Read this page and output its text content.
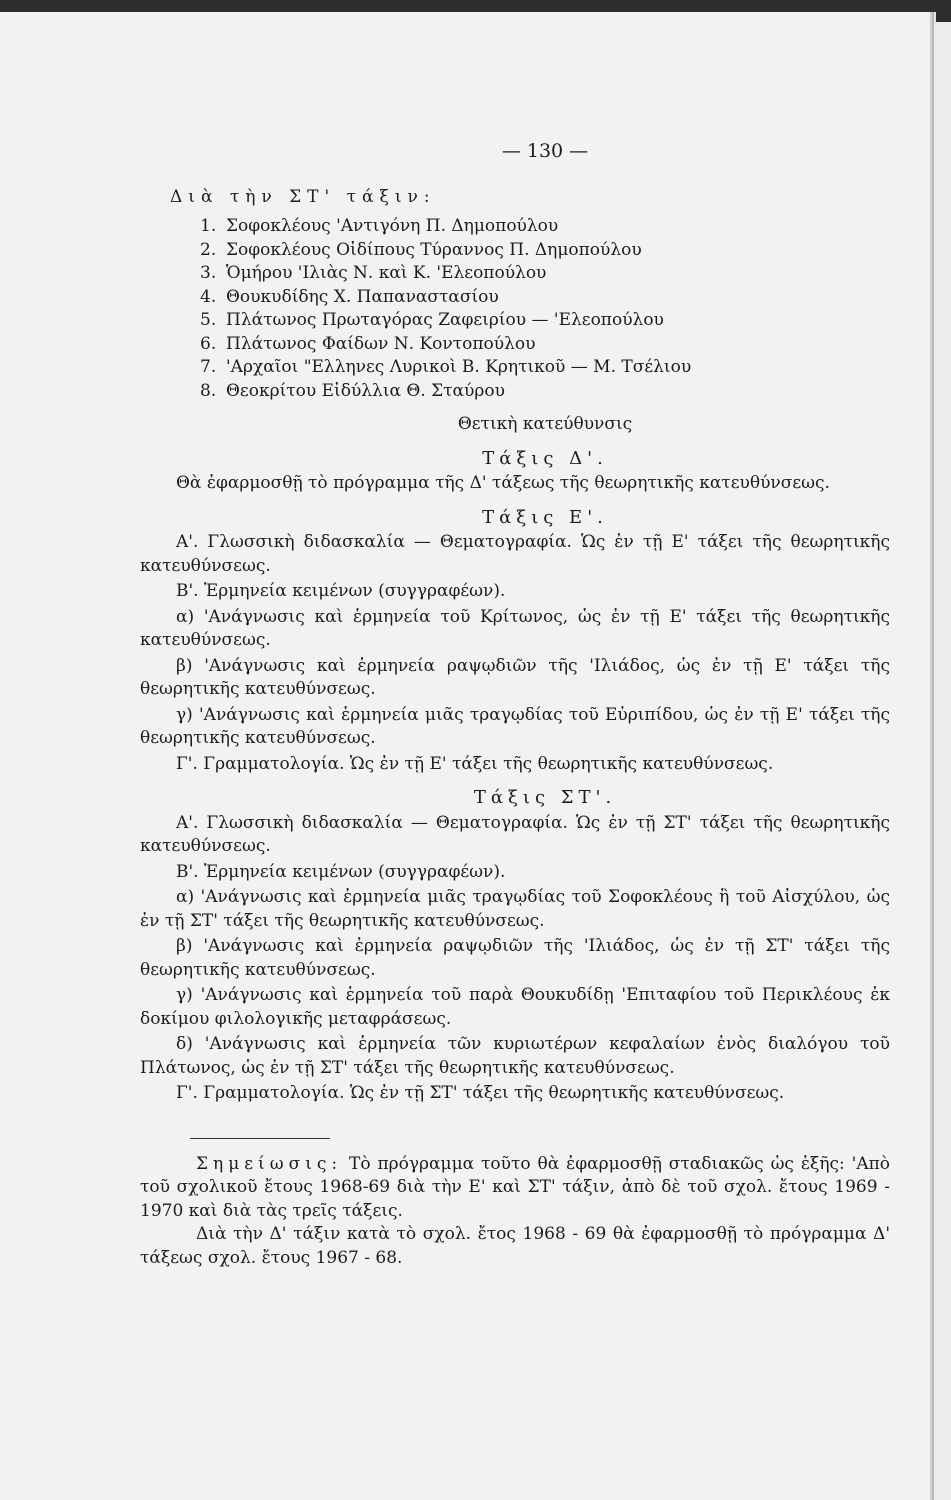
— 130 —
Διὰ τὴν ΣΤ' τάξιν:
1. Σοφοκλέους 'Αντιγόνη Π. Δημοπούλου
2. Σοφοκλέους Οἰδίπους Τύραννος Π. Δημοπούλου
3. Ὁμήρου 'Ιλιὰς Ν. καὶ Κ. 'Ελεοπούλου
4. Θουκυδίδης Χ. Παπαναστασίου
5. Πλάτωνος Πρωταγόρας Ζαφειρίου — 'Ελεοπούλου
6. Πλάτωνος Φαίδων Ν. Κοντοπούλου
7. 'Αρχαῖοι "Ελληνες Λυρικοὶ Β. Κρητικοῦ — Μ. Τσέλιου
8. Θεοκρίτου Εἰδύλλια Θ. Σταύρου
Θετικὴ κατεύθυνσις
Τάξις Δ'.

Θὰ ἐφαρμοσθῇ τὸ πρόγραμμα τῆς Δ' τάξεως τῆς θεωρητικῆς κατευθύνσεως.

Τάξις Ε'.

Α'. Γλωσσικὴ διδασκαλία — Θεματογραφία. Ὡς ἐν τῇ Ε' τάξει τῆς θεωρητικῆς κατευθύνσεως.

Β'. Ἑρμηνεία κειμένων (συγγραφέων).

α) 'Ανάγνωσις καὶ ἑρμηνεία τοῦ Κρίτωνος, ὡς ἐν τῇ Ε' τάξει τῆς θεωρητικῆς κατευθύνσεως.

β) 'Ανάγνωσις καὶ ἑρμηνεία ραψῳδιῶν τῆς 'Ιλιάδος, ὡς ἐν τῇ Ε' τάξει τῆς θεωρητικῆς κατευθύνσεως.

γ) 'Ανάγνωσις καὶ ἑρμηνεία μιᾶς τραγῳδίας τοῦ Εὐριπίδου, ὡς ἐν τῇ Ε' τάξει τῆς θεωρητικῆς κατευθύνσεως.

Γ'. Γραμματολογία. Ὡς ἐν τῇ Ε' τάξει τῆς θεωρητικῆς κατευθύνσεως.

Τάξις ΣΤ'.

Α'. Γλωσσικὴ διδασκαλία — Θεματογραφία. Ὡς ἐν τῇ ΣΤ' τάξει τῆς θεωρητικῆς κατευθύνσεως.

Β'. Ἑρμηνεία κειμένων (συγγραφέων).

α) 'Ανάγνωσις καὶ ἑρμηνεία μιᾶς τραγῳδίας τοῦ Σοφοκλέους ἢ τοῦ Αἰσχύλου, ὡς ἐν τῇ ΣΤ' τάξει τῆς θεωρητικῆς κατευθύνσεως.

β) 'Ανάγνωσις καὶ ἑρμηνεία ραψῳδιῶν τῆς 'Ιλιάδος, ὡς ἐν τῇ ΣΤ' τάξει τῆς θεωρητικῆς κατευθύνσεως.

γ) 'Ανάγνωσις καὶ ἑρμηνεία τοῦ παρὰ Θουκυδίδῃ 'Επιταφίου τοῦ Περικλέους ἐκ δοκίμου φιλολογικῆς μεταφράσεως.

δ) 'Ανάγνωσις καὶ ἑρμηνεία τῶν κυριωτέρων κεφαλαίων ἑνὸς διαλόγου τοῦ Πλάτωνος, ὡς ἐν τῇ ΣΤ' τάξει τῆς θεωρητικῆς κατευθύνσεως.

Γ'. Γραμματολογία. Ὡς ἐν τῇ ΣΤ' τάξει τῆς θεωρητικῆς κατευθύνσεως.

Σημείωσις: Τὸ πρόγραμμα τοῦτο θὰ ἐφαρμοσθῇ σταδιακῶς ὡς ἑξῆς: 'Απὸ τοῦ σχολικοῦ ἔτους 1968-69 διὰ τὴν Ε' καὶ ΣΤ' τάξιν, ἀπὸ δὲ τοῦ σχολ. ἔτους 1969 - 1970 καὶ διὰ τὰς τρεῖς τάξεις.

Διὰ τὴν Δ' τάξιν κατὰ τὸ σχολ. ἔτος 1968 - 69 θὰ ἐφαρμοσθῇ τὸ πρόγραμμα Δ' τάξεως σχολ. ἔτους 1967 - 68.
